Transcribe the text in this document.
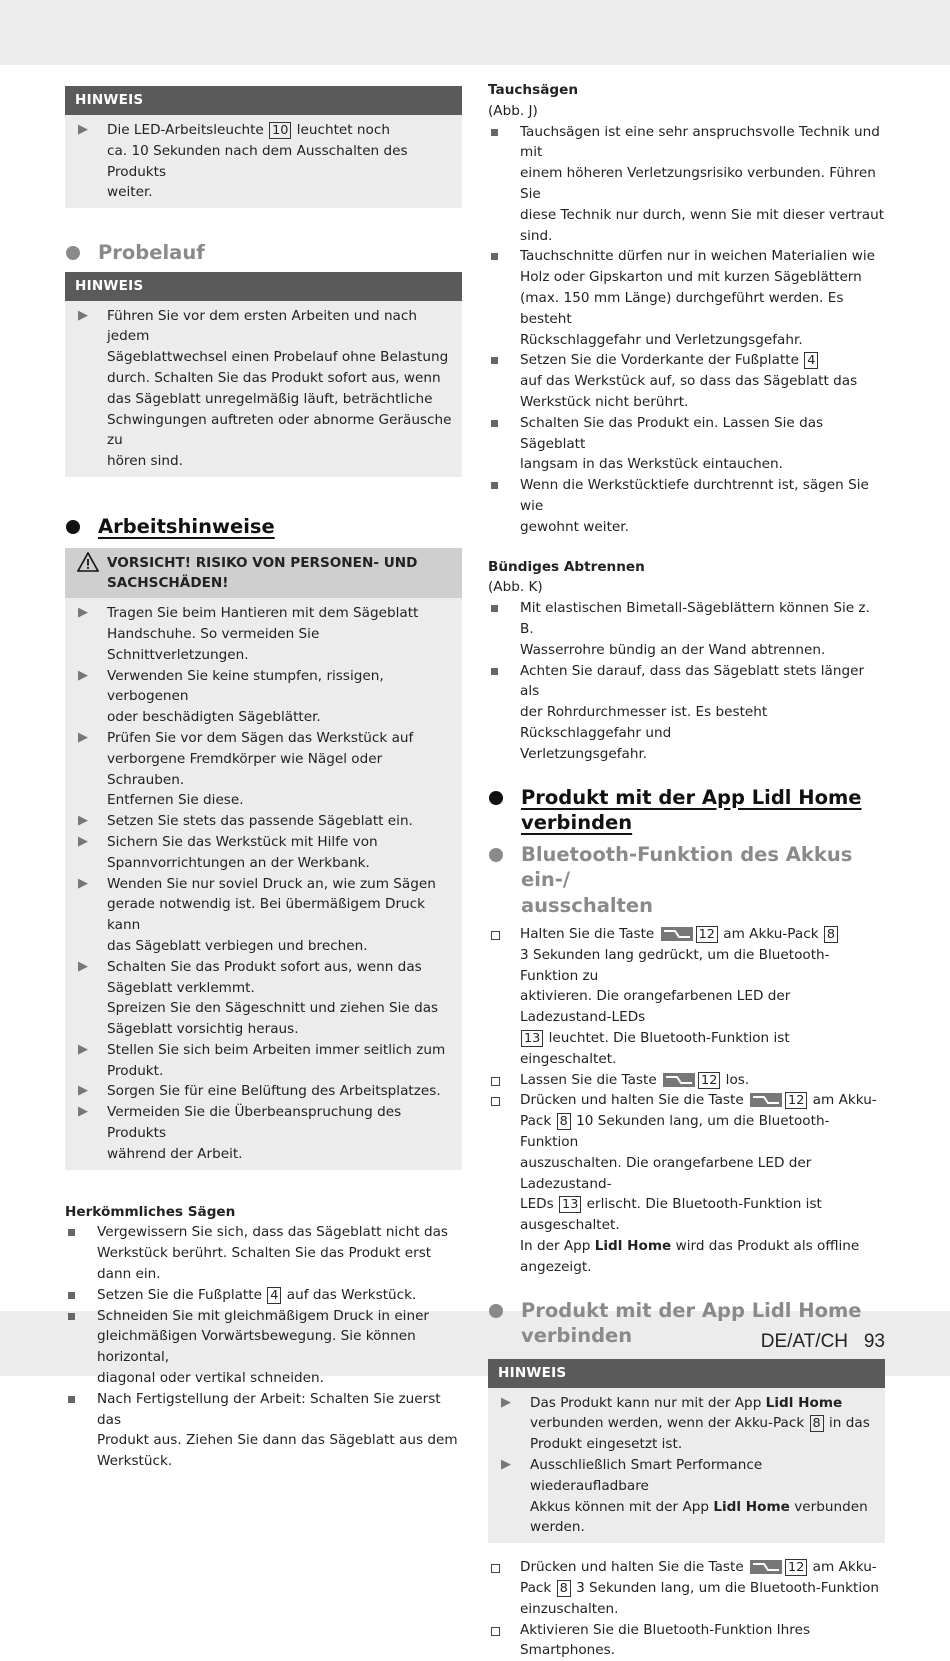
HINWEIS
▶ Die LED-Arbeitsleuchte 10 leuchtet noch
ca. 10 Sekunden nach dem Ausschalten des Produkts
weiter.
Probelauf
HINWEIS
▶ Führen Sie vor dem ersten Arbeiten und nach jedem
Sägeblattwechsel einen Probelauf ohne Belastung
durch. Schalten Sie das Produkt sofort aus, wenn
das Sägeblatt unregelmäßig läuft, beträchtliche
Schwingungen auftreten oder abnorme Geräusche zu
hören sind.
Arbeitshinweise
VORSICHT! RISIKO VON PERSONEN- UND
SACHSCHÄDEN!
▶ Tragen Sie beim Hantieren mit dem Sägeblatt
Handschuhe. So vermeiden Sie Schnittverletzungen.
▶ Verwenden Sie keine stumpfen, rissigen, verbogenen
oder beschädigten Sägeblätter.
▶ Prüfen Sie vor dem Sägen das Werkstück auf
verborgene Fremdkörper wie Nägel oder Schrauben.
Entfernen Sie diese.
▶ Setzen Sie stets das passende Sägeblatt ein.
▶ Sichern Sie das Werkstück mit Hilfe von
Spannvorrichtungen an der Werkbank.
▶ Wenden Sie nur soviel Druck an, wie zum Sägen
gerade notwendig ist. Bei übermäßigem Druck kann
das Sägeblatt verbiegen und brechen.
▶ Schalten Sie das Produkt sofort aus, wenn das
Sägeblatt verklemmt.
Spreizen Sie den Sägeschnitt und ziehen Sie das
Sägeblatt vorsichtig heraus.
▶ Stellen Sie sich beim Arbeiten immer seitlich zum
Produkt.
▶ Sorgen Sie für eine Belüftung des Arbeitsplatzes.
▶ Vermeiden Sie die Überbeanspruchung des Produkts
während der Arbeit.
Herkömmliches Sägen
Vergewissern Sie sich, dass das Sägeblatt nicht das
Werkstück berührt. Schalten Sie das Produkt erst dann ein.
Setzen Sie die Fußplatte 4 auf das Werkstück.
Schneiden Sie mit gleichmäßigem Druck in einer
gleichmäßigen Vorwärtsbewegung. Sie können horizontal,
diagonal oder vertikal schneiden.
Nach Fertigstellung der Arbeit: Schalten Sie zuerst das
Produkt aus. Ziehen Sie dann das Sägeblatt aus dem
Werkstück.
Tauchsägen
(Abb. J)
Tauchsägen ist eine sehr anspruchsvolle Technik und mit
einem höheren Verletzungsrisiko verbunden. Führen Sie
diese Technik nur durch, wenn Sie mit dieser vertraut sind.
Tauchschnitte dürfen nur in weichen Materialien wie
Holz oder Gipskarton und mit kurzen Sägeblättern
(max. 150 mm Länge) durchgeführt werden. Es besteht
Rückschlaggefahr und Verletzungsgefahr.
Setzen Sie die Vorderkante der Fußplatte 4
auf das Werkstück auf, so dass das Sägeblatt das
Werkstück nicht berührt.
Schalten Sie das Produkt ein. Lassen Sie das Sägeblatt
langsam in das Werkstück eintauchen.
Wenn die Werkstücktiefe durchtrennt ist, sägen Sie wie
gewohnt weiter.
Bündiges Abtrennen
(Abb. K)
Mit elastischen Bimetall-Sägeblättern können Sie z. B.
Wasserrohre bündig an der Wand abtrennen.
Achten Sie darauf, dass das Sägeblatt stets länger als
der Rohrdurchmesser ist. Es besteht Rückschlaggefahr und
Verletzungsgefahr.
Produkt mit der App Lidl Home
verbinden
Bluetooth-Funktion des Akkus ein-/
ausschalten
Halten Sie die Taste	12 am Akku-Pack 8
3 Sekunden lang gedrückt, um die Bluetooth-Funktion zu
aktivieren. Die orangefarbenen LED der Ladezustand-LEDs
13 leuchtet. Die Bluetooth-Funktion ist eingeschaltet.
Lassen Sie die Taste	12 los.
Drücken und halten Sie die Taste	12 am Akku-
Pack 8 10 Sekunden lang, um die Bluetooth-Funktion
auszuschalten. Die orangefarbene LED der Ladezustand-
LEDs 13 erlischt. Die Bluetooth-Funktion ist ausgeschaltet.
In der App Lidl Home wird das Produkt als offline
angezeigt.
Produkt mit der App Lidl Home
verbinden
HINWEIS
▶ Das Produkt kann nur mit der App Lidl Home
verbunden werden, wenn der Akku-Pack 8 in das
Produkt eingesetzt ist.
▶ Ausschließlich Smart Performance wiederaufladbare
Akkus können mit der App Lidl Home verbunden
werden.
Drücken und halten Sie die Taste	12 am Akku-
Pack 8 3 Sekunden lang, um die Bluetooth-Funktion
einzuschalten.
Aktivieren Sie die Bluetooth-Funktion Ihres Smartphones.
DE/AT/CH 93
